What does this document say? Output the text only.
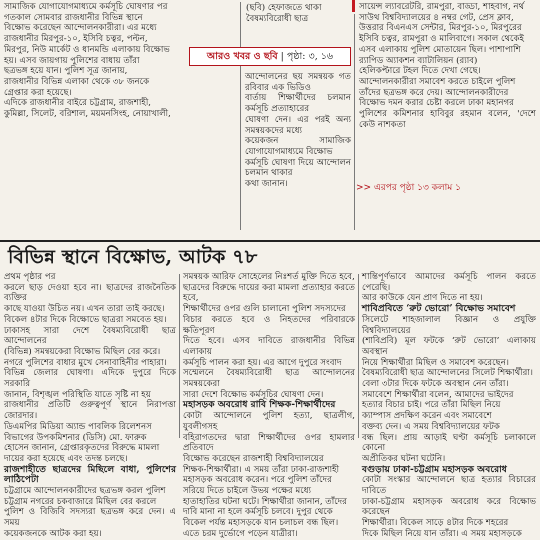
সামাজিক যোগাযোগমাধ্যমে কর্মসূচি ঘোষণার পর

গতকাল সোমবার রাজধানীর বিভিন্ন স্থানে

বিক্ষোভ করেছেন আন্দোলনকারীরা। এর মধ্যে

রাজধানীর মিরপুর-১০, ইসিবি চত্বর, পল্টন,

মিরপুর, নিউ মার্কেট ও ধানমন্ডি এলাকায় বিক্ষোভ

হয়। এসব জায়গায় পুলিশের বাধায় তাঁরা

ছত্রভঙ্গ হয়ে যান। পুলিশ সূত্র জানায়,

রাজধানীর বিভিন্ন এলাকা থেকে ৩৮ জনকে

গ্রেপ্তার করা হয়েছে।

এদিকে রাজধানীর বাইরে চট্টগ্রাম, রাজশাহী,

কুমিল্লা, সিলেট, বরিশাল, ময়মনসিংহ, নোয়াখালী,

(ছবি) হেফাজতে থাকা বৈষম্যবিরোধী ছাত্র
আরও খবর ও ছবি | পৃষ্ঠা: ৩, ১৬

আন্দোলনের ছয় সমন্বয়ক গত রবিবার এক ভিডিও

বার্তায় শিক্ষার্থীদের চলমান কর্মসূচি প্রত্যাহারের

ঘোষণা দেন। এর পরই অন্য সমন্বয়কদের মধ্যে

কয়েকজন সামাজিক যোগাযোগমাধ্যমে বিক্ষোভ

কর্মসূচি ঘোষণা দিয়ে আন্দোলন চলমান থাকার

কথা জানান।

সায়েন্স ল্যাবরেটরি, রামপুরা, বাড্ডা, শাহবাগ, নর্থ

সাউথ বিশ্ববিদ্যালয়ের ৪ নম্বর গেট, প্রেস ক্লাব,

উত্তরার বিএনএস সেন্টার, মিরপুর-১০, মিরপুরের

ইসিবি চত্বর, রামপুরা ও মালিবাগে। সকাল থেকেই

এসব এলাকায় পুলিশ মোতায়েন ছিল। পাশাপাশি

র‍্যাপিড অ্যাকশন ব্যাটালিয়ন (র‍্যাব)

হেলিকপ্টারে টহল দিতে দেখা গেছে।

আন্দোলনকারীরা সমাবেশ করতে চাইলে পুলিশ

তাঁদের ছত্রভঙ্গ করে দেয়। আন্দোলনকারীদের

বিক্ষোভ দমন করার চেষ্টা করলে ঢাকা মহানগর

পুলিশের কমিশনার হাবিবুর রহমান বলেন, 'দেশে কেউ নাশকতা

>> এরপর পৃষ্ঠা ১৩ কলাম ১
বিভিন্ন স্থানে বিক্ষোভ, আটক ৭৮

প্রথম পৃষ্ঠার পর

করলে ছাড় দেওয়া হবে না। ছাত্রদের রাজনৈতিক ব্যক্তির

কাছে যাওয়া উচিত নয়। এখন তারা তাই করছে।

বিকেল ৪টার দিকে বিক্ষোভে ছাত্ররা সমবেত হয়।

ঢাকাসহ সারা দেশে বৈষম্যবিরোধী ছাত্র আন্দোলনের

(বিভিন্ন) সমন্বয়কেরা বিক্ষোভ মিছিল বের করে।

নগরে পুলিশের বাধার মুখে সেনাবাহিনীর পাহারা।

বিভিন্ন জেলার ঘোষণা। এদিকে দুপুরে দিকে সরকারি

জানান, বিশৃঙ্খল পরিস্থিতি যাতে সৃষ্টি না হয়

রাজধানীর প্রতিটি গুরুত্বপূর্ণ স্থানে নিরাপত্তা জোরদার।

ডিএমপির মিডিয়া অ্যান্ড পাবলিক রিলেশনস

বিভাগের উপকমিশনার (ডিসি) মো. ফারুক

হোসেন জানান, গ্রেপ্তারকৃতদের বিরুদ্ধে মামলা

দায়ের করা হয়েছে এবং তদন্ত চলছে।

রাজশাহীতে ছাত্রদের মিছিলে বাধা, পুলিশের লাঠিপেটা

চট্টগ্রামে আন্দোলনকারীদের ছত্রভঙ্গ করল পুলিশ

চট্টগ্রাম নগরের চকবাজারে মিছিল বের করলে

পুলিশ ও বিজিবি সদস্যরা ছত্রভঙ্গ করে দেন। এ সময়

কয়েকজনকে আটক করা হয়।

সমন্বয়ক আরিফ সোহেলের নিঃশর্ত মুক্তি দিতে হবে,

ছাত্রদের বিরুদ্ধে দায়ের করা মামলা প্রত্যাহার করতে হবে,

শিক্ষার্থীদের ওপর গুলি চালানো পুলিশ সদস্যদের

বিচার করতে হবে ও নিহতদের পরিবারকে ক্ষতিপূরণ

দিতে হবে। এসব দাবিতে রাজধানীর বিভিন্ন এলাকায়

কর্মসূচি পালন করা হয়। এর আগে দুপুরে সংবাদ

সম্মেলনে বৈষম্যবিরোধী ছাত্র আন্দোলনের সমন্বয়কেরা

সারা দেশে বিক্ষোভ কর্মসূচির ঘোষণা দেন।

মহাসড়ক অবরোধ রাবি শিক্ষক-শিক্ষার্থীদের

কোটা আন্দোলনে পুলিশ হত্যা, ছাত্রলীগ, যুবলীগসহ

বহিরাগতদের দ্বারা শিক্ষার্থীদের ওপর হামলার প্রতিবাদে

বিক্ষোভ করেছেন রাজশাহী বিশ্ববিদ্যালয়ের

শিক্ষক-শিক্ষার্থীরা। এ সময় তাঁরা ঢাকা-রাজশাহী

মহাসড়ক অবরোধ করেন। পরে পুলিশ তাঁদের

সরিয়ে দিতে চাইলে উভয় পক্ষের মধ্যে

হাতাহাতির ঘটনা ঘটে। শিক্ষার্থীরা জানান, তাঁদের

দাবি মানা না হলে কর্মসূচি চলবে। দুপুর থেকে

বিকেল পর্যন্ত মহাসড়কে যান চলাচল বন্ধ ছিল।

এতে চরম দুর্ভোগে পড়েন যাত্রীরা।

শান্তিপূর্ণভাবে আমাদের কর্মসূচি পালন করতে পেরেছি।

আর কাউকে যেন প্রাণ দিতে না হয়।

শাবিপ্রবিতে ‘রুট ভোরো’ বিক্ষোভ সমাবেশ

সিলেটে শাহজালাল বিজ্ঞান ও প্রযুক্তি বিশ্ববিদ্যালয়ের

(শাবিপ্রবি) মূল ফটকে ‘রুট ভোরো’ এলাকায় অবস্থান

নিয়ে শিক্ষার্থীরা মিছিল ও সমাবেশ করেছেন।

বৈষম্যবিরোধী ছাত্র আন্দোলনের সিলেট শিক্ষার্থীরা।

বেলা ৩টার দিকে ফটকে অবস্থান নেন তাঁরা।

সমাবেশে শিক্ষার্থীরা বলেন, আমাদের ভাইদের

হত্যার বিচার চাই। পরে তাঁরা মিছিল নিয়ে

ক্যাম্পাস প্রদক্ষিণ করেন এবং সমাবেশে

বক্তব্য দেন। এ সময় বিশ্ববিদ্যালয়ের ফটক

বন্ধ ছিল। প্রায় আড়াই ঘণ্টা কর্মসূচি চলাকালে কোনো

অপ্রীতিকর ঘটনা ঘটেনি।

বগুড়ায় ঢাকা-চট্টগ্রাম মহাসড়ক অবরোধ

কোটা সংস্কার আন্দোলনে ছাত্র হত্যার বিচারের দাবিতে

ঢাকা-চট্টগ্রাম মহাসড়ক অবরোধ করে বিক্ষোভ করেছেন

শিক্ষার্থীরা। বিকেল সাড়ে ৪টার দিকে শহরের

দিকে মিছিল নিয়ে যান তাঁরা। এ সময় মহাসড়কে
